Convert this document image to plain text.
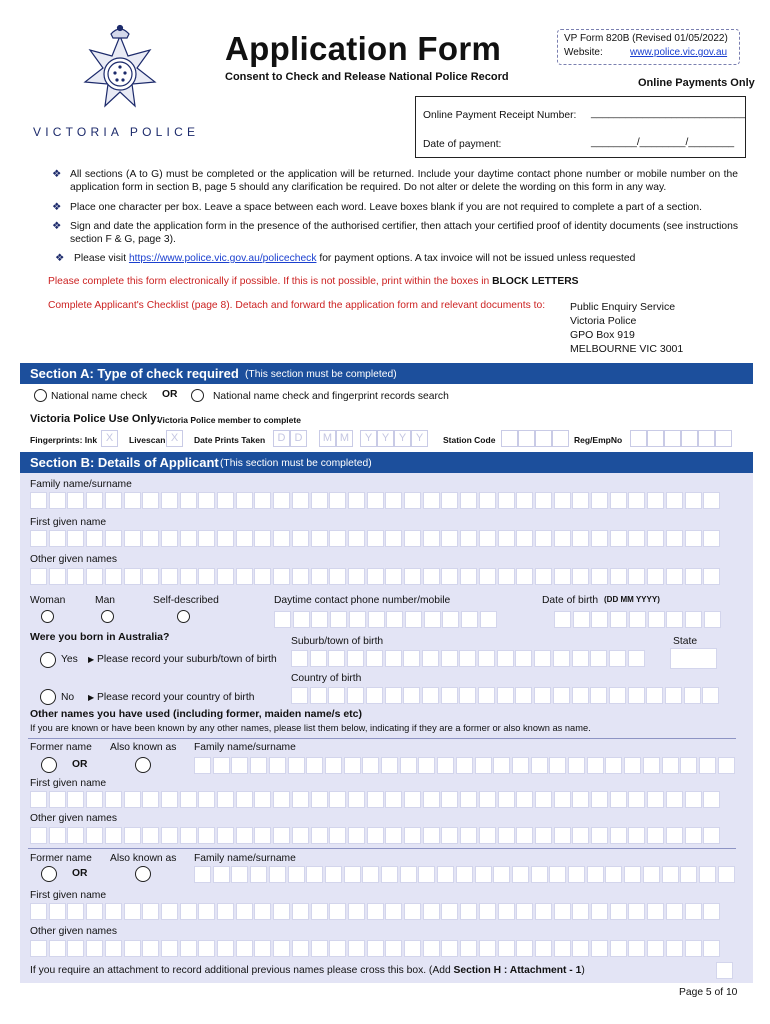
VICTORIA POLICE
Application Form
Consent to Check and Release National Police Record
VP Form 820B (Revised 01/05/2022)
Website:	www.police.vic.gov.au
Online Payments Only
Online Payment Receipt Number: ___________________________
Date of payment:	________/________/________
❖ All sections (A to G) must be completed or the application will be returned. Include your daytime contact phone number or mobile number on the application form in section B, page 5 should any clarification be required. Do not alter or delete the wording on this form in any way.
❖ Place one character per box. Leave a space between each word. Leave boxes blank if you are not required to complete a part of a section.
❖ Sign and date the application form in the presence of the authorised certifier, then attach your certified proof of identity documents (see instructions section F & G, page 3).
❖ Please visit https://www.police.vic.gov.au/policecheck for payment options. A tax invoice will not be issued unless requested
Please complete this form electronically if possible. If this is not possible, print within the boxes in BLOCK LETTERS
Complete Applicant's Checklist (page 8). Detach and forward the application form and relevant documents to: Public Enquiry Service
Victoria Police
GPO Box 919
MELBOURNE VIC 3001
Section A: Type of check required (This section must be completed)
National name check OR	National name check and fingerprint records search
Victoria Police Use Only:
Victoria Police member to complete
Fingerprints: Ink X	Livescan X	Date Prints Taken	D D	M M	Y Y Y Y	Station Code	Reg/EmpNo
Section B: Details of Applicant (This section must be completed)
Family name/surname
First given name
Other given names
Woman	Man	Self-described	Daytime contact phone number/mobile	Date of birth (DD MM YYYY)
Were you born in Australia?	Suburb/town of birth	State
Yes ▶ Please record your suburb/town of birth
Country of birth
No ▶ Please record your country of birth
Other names you have used (including former, maiden name/s etc)
If you are known or have been known by any other names, please list them below, indicating if they are a former or also known as name.
Former name Also known as Family name/surname
OR
First given name
Other given names
Former name Also known as Family name/surname
OR
First given name
Other given names
If you require an attachment to record additional previous names please cross this box. (Add Section H : Attachment - 1)
Page 5 of 10
